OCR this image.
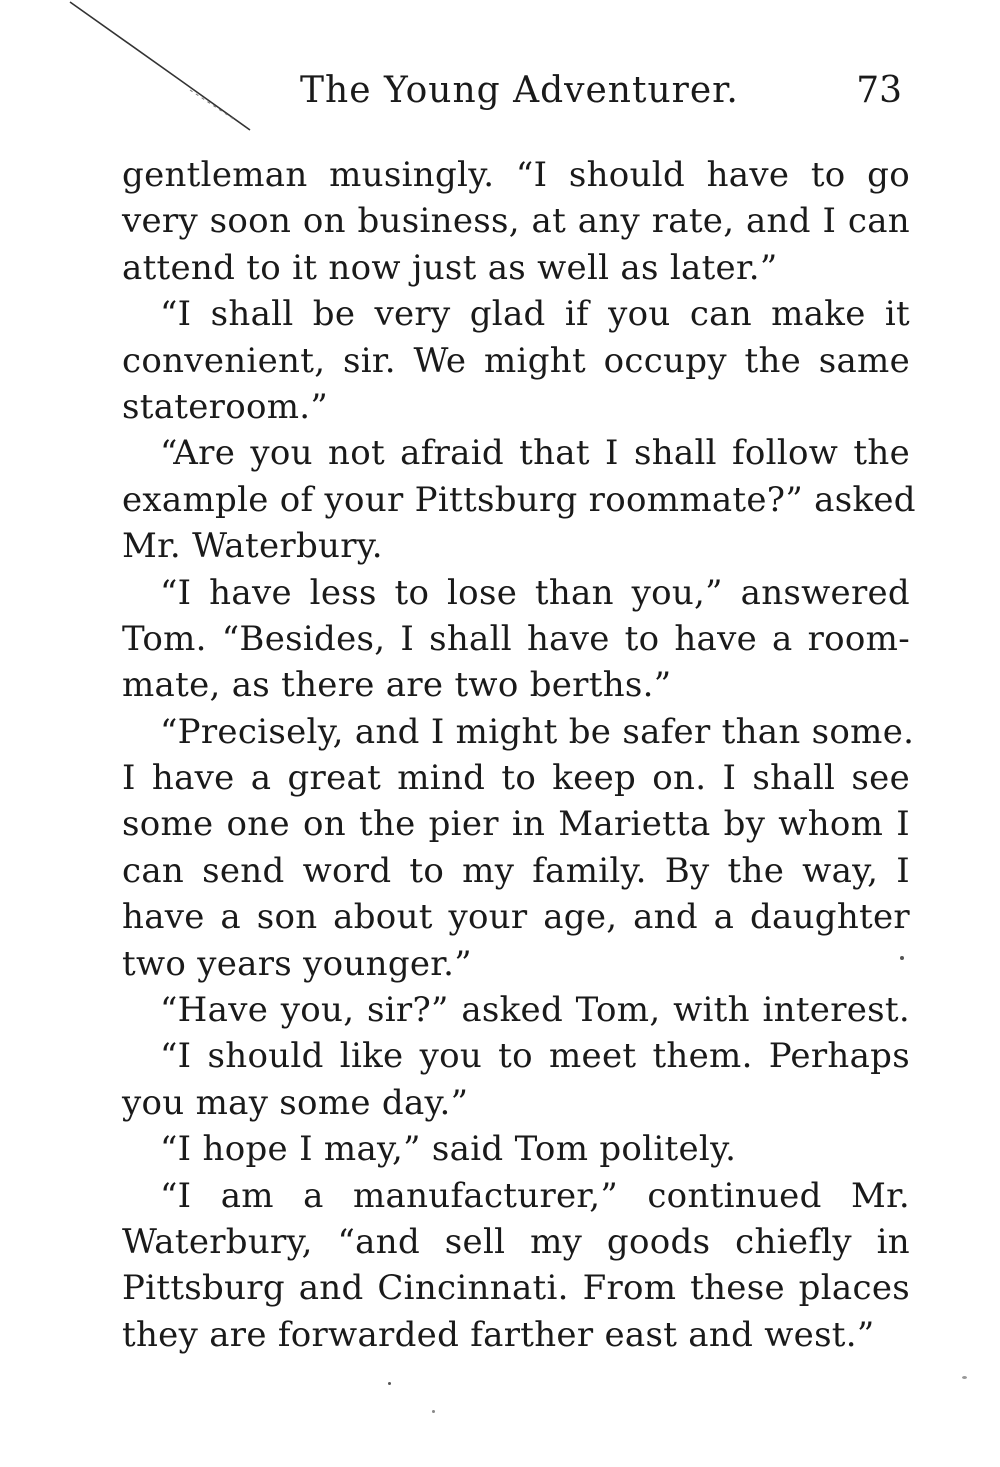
The Young Adventurer.	73
gentleman musingly. “I should have to go
very soon on business, at any rate, and I can
attend to it now just as well as later.”
“I shall be very glad if you can make it
convenient, sir. We might occupy the same
stateroom.”
“Are you not afraid that I shall follow the
example of your Pittsburg roommate?” asked
Mr. Waterbury.
“I have less to lose than you,” answered
Tom. “Besides, I shall have to have a room-
mate, as there are two berths.”
“Precisely, and I might be safer than some.
I have a great mind to keep on. I shall see
some one on the pier in Marietta by whom I
can send word to my family. By the way, I
have a son about your age, and a daughter
two years younger.”
“Have you, sir?” asked Tom, with interest.
“I should like you to meet them. Perhaps
you may some day.”
“I hope I may,” said Tom politely.
“I am a manufacturer,” continued Mr.
Waterbury, “and sell my goods chiefly in
Pittsburg and Cincinnati. From these places
they are forwarded farther east and west.”
